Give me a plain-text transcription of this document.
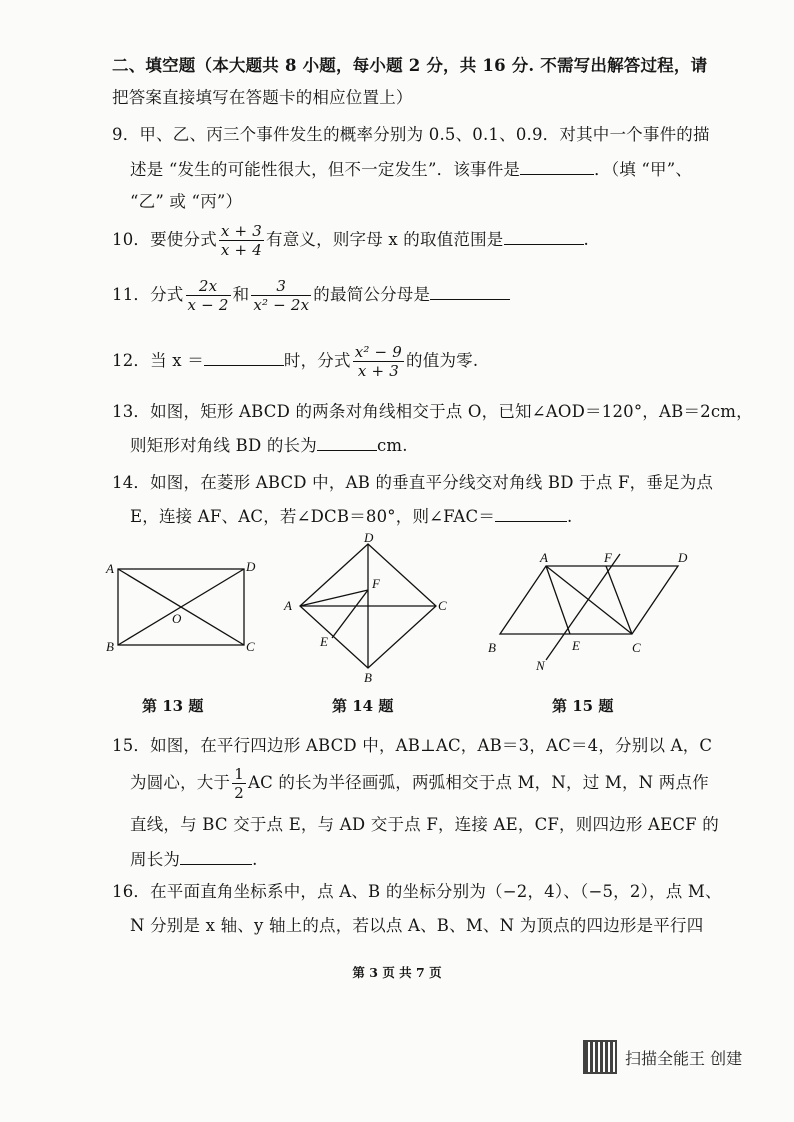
二、填空题（本大题共 8 小题，每小题 2 分，共 16 分. 不需写出解答过程，请
把答案直接填写在答题卡的相应位置上）
9．甲、乙、丙三个事件发生的概率分别为 0.5、0.1、0.9．对其中一个事件的描
述是 “发生的可能性很大，但不一定发生”．该事件是	．（填 “甲”、
“乙” 或 “丙”）
10．要使分式 $\frac{x + 3}{x + 4}$ 有意义，则字母 x 的取值范围是	.
11．分式 $\frac{2x}{x - 2}$ 和 $\frac{3}{\text{x² − 2x}}$ 的最简公分母是
12．当 x ＝	时，分式 $\frac{\text{x² − 9}}{x + 3}$ 的值为零.
13．如图，矩形 ABCD 的两条对角线相交于点 O，已知∠AOD＝120°，AB＝2cm，
则矩形对角线 BD 的长为	cm.
14．如图，在菱形 ABCD 中，AB 的垂直平分线交对角线 BD 于点 F，垂足为点
E，连接 AF、AC，若∠DCB＝80°，则∠FAC＝	.
A	D
O
B	C
D
A
F
C
E
B
A	F	D
B
N
E	C
第 13 题	第 14 题	第 15 题
15．如图，在平行四边形 ABCD 中，AB⊥AC，AB＝3，AC＝4，分别以 A，C
为圆心，大于 $\frac{1}{2}$ AC 的长为半径画弧，两弧相交于点 M，N，过 M，N 两点作
直线，与 BC 交于点 E，与 AD 交于点 F，连接 AE，CF，则四边形 AECF 的
周长为	.
16．在平面直角坐标系中，点 A、B 的坐标分别为（−2，4）、（−5，2），点 M、
N 分别是 x 轴、y 轴上的点，若以点 A、B、M、N 为顶点的四边形是平行四
第 3 页 共 7 页
扫描全能王 创建
